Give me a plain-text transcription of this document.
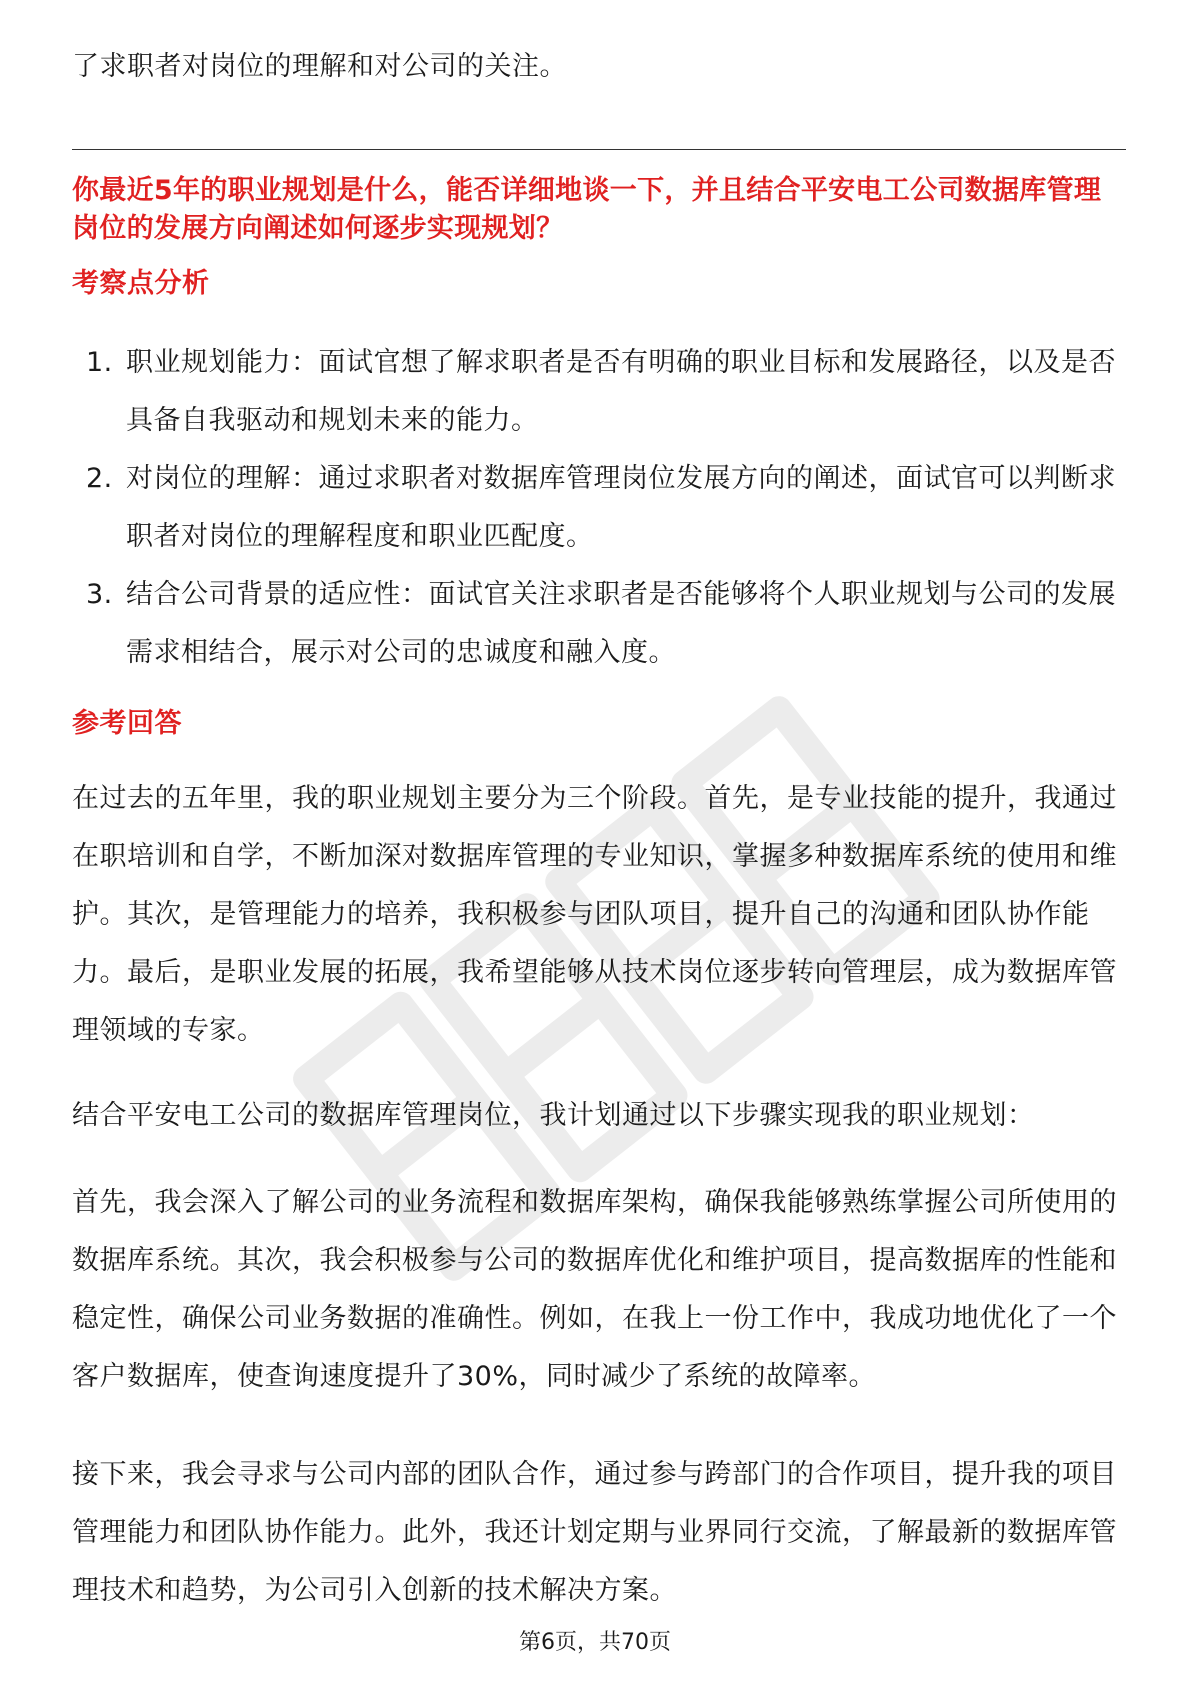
了求职者对岗位的理解和对公司的关注。

你最近5年的职业规划是什么，能否详细地谈一下，并且结合平安电工公司数据库管理岗位的发展方向阐述如何逐步实现规划？

考察点分析

1. 职业规划能力：面试官想了解求职者是否有明确的职业目标和发展路径，以及是否具备自我驱动和规划未来的能力。
2. 对岗位的理解：通过求职者对数据库管理岗位发展方向的阐述，面试官可以判断求职者对岗位的理解程度和职业匹配度。
3. 结合公司背景的适应性：面试官关注求职者是否能够将个人职业规划与公司的发展需求相结合，展示对公司的忠诚度和融入度。

参考回答

在过去的五年里，我的职业规划主要分为三个阶段。首先，是专业技能的提升，我通过在职培训和自学，不断加深对数据库管理的专业知识，掌握多种数据库系统的使用和维护。其次，是管理能力的培养，我积极参与团队项目，提升自己的沟通和团队协作能力。最后，是职业发展的拓展，我希望能够从技术岗位逐步转向管理层，成为数据库管理领域的专家。

结合平安电工公司的数据库管理岗位，我计划通过以下步骤实现我的职业规划：

首先，我会深入了解公司的业务流程和数据库架构，确保我能够熟练掌握公司所使用的数据库系统。其次，我会积极参与公司的数据库优化和维护项目，提高数据库的性能和稳定性，确保公司业务数据的准确性。例如，在我上一份工作中，我成功地优化了一个客户数据库，使查询速度提升了30%，同时减少了系统的故障率。

接下来，我会寻求与公司内部的团队合作，通过参与跨部门的合作项目，提升我的项目管理能力和团队协作能力。此外，我还计划定期与业界同行交流，了解最新的数据库管理技术和趋势，为公司引入创新的技术解决方案。

第6页，共70页
